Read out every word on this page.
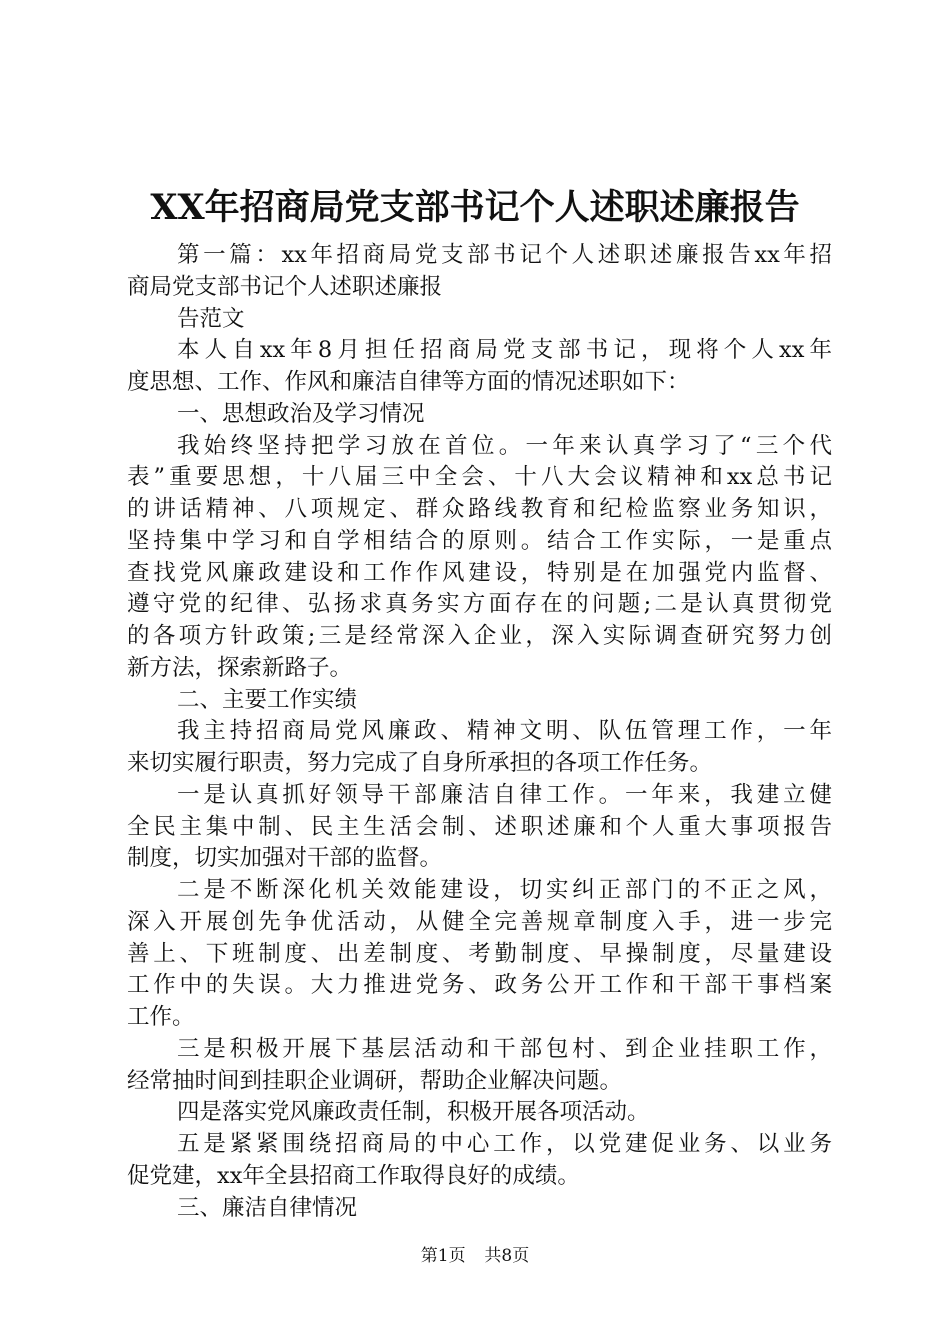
XX年招商局党支部书记个人述职述廉报告
第一篇：xx年招商局党支部书记个人述职述廉报告xx年招
商局党支部书记个人述职述廉报
告范文
本人自xx年8月担任招商局党支部书记，现将个人xx年
度思想、工作、作风和廉洁自律等方面的情况述职如下：
一、思想政治及学习情况
我始终坚持把学习放在首位。一年来认真学习了“三个代
表”重要思想，十八届三中全会、十八大会议精神和xx总书记
的讲话精神、八项规定、群众路线教育和纪检监察业务知识，
坚持集中学习和自学相结合的原则。结合工作实际，一是重点
查找党风廉政建设和工作作风建设，特别是在加强党内监督、
遵守党的纪律、弘扬求真务实方面存在的问题;二是认真贯彻党
的各项方针政策;三是经常深入企业，深入实际调查研究努力创
新方法，探索新路子。
二、主要工作实绩
我主持招商局党风廉政、精神文明、队伍管理工作，一年
来切实履行职责，努力完成了自身所承担的各项工作任务。
一是认真抓好领导干部廉洁自律工作。一年来，我建立健
全民主集中制、民主生活会制、述职述廉和个人重大事项报告
制度，切实加强对干部的监督。
二是不断深化机关效能建设，切实纠正部门的不正之风，
深入开展创先争优活动，从健全完善规章制度入手，进一步完
善上、下班制度、出差制度、考勤制度、早操制度，尽量建设
工作中的失误。大力推进党务、政务公开工作和干部干事档案
工作。
三是积极开展下基层活动和干部包村、到企业挂职工作，
经常抽时间到挂职企业调研，帮助企业解决问题。
四是落实党风廉政责任制，积极开展各项活动。
五是紧紧围绕招商局的中心工作，以党建促业务、以业务
促党建，xx年全县招商工作取得良好的成绩。
三、廉洁自律情况
第1页 共8页
